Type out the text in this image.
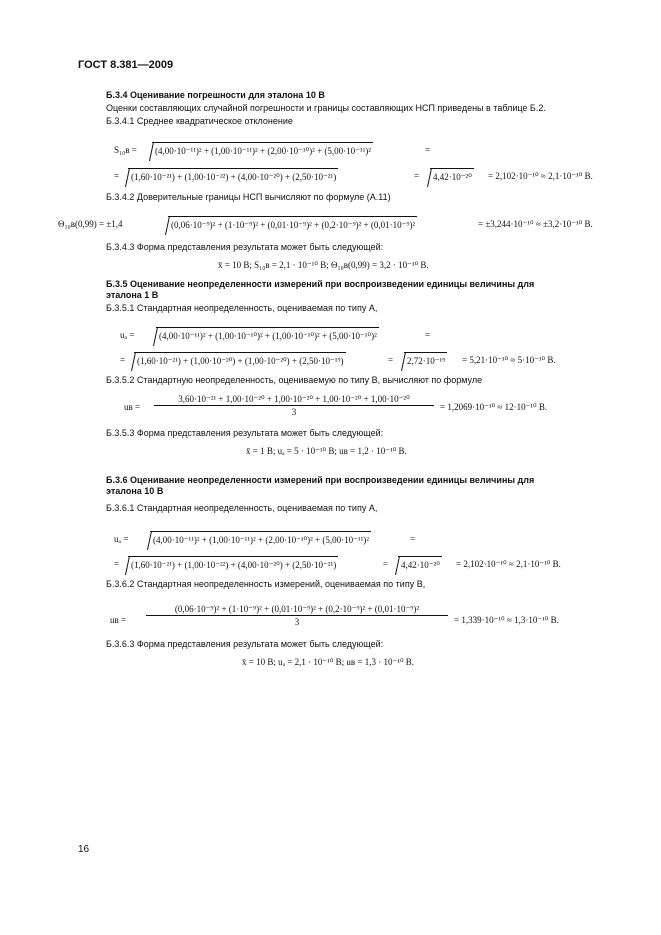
ГОСТ 8.381—2009
Б.3.4 Оценивание погрешности для эталона 10 В
Оценки составляющих случайной погрешности и границы составляющих НСП приведены в таблице Б.2.
Б.3.4.1 Среднее квадратическое отклонение
S₁₀в =	(4,00·10⁻¹¹)² + (1,00·10⁻¹¹)² + (2,00·10⁻¹⁰)² + (5,00·10⁻¹¹)²	=
=	(1,60·10⁻²¹) + (1,00·10⁻²²) + (4,00·10⁻²⁰) + (2,50·10⁻²¹)	=	4,42·10⁻²⁰ = 2,102·10⁻¹⁰ ≈ 2,1·10⁻¹⁰ В.
Б.3.4.2 Доверительные границы НСП вычисляют по формуле (А.11)
Θ₁₀в(0,99) = ±1,4	(0,06·10⁻⁹)² + (1·10⁻⁹)² + (0,01·10⁻⁹)² + (0,2·10⁻⁹)² + (0,01·10⁻⁹)²	= ±3,244·10⁻¹⁰ ≈ ±3,2·10⁻¹⁰ В.
Б.3.4.3 Форма представления результата может быть следующей:
x̄ = 10 В; S₁₀в = 2,1 · 10⁻¹⁰ В; Θ₁₀в(0,99) = 3,2 · 10⁻¹⁰ В.
Б.3.5 Оценивание неопределенности измерений при воспроизведении единицы величины для
эталона 1 В
Б.3.5.1 Стандартная неопределенность, оцениваемая по типу А,
uₐ =	(4,00·10⁻¹¹)² + (1,00·10⁻¹⁰)² + (1,00·10⁻¹⁰)² + (5,00·10⁻¹⁰)²	=
=	(1,60·10⁻²¹) + (1,00·10⁻²⁰) + (1,00·10⁻²⁰) + (2,50·10⁻¹⁹)	=	2,72·10⁻¹⁹ = 5,21·10⁻¹⁰ ≈ 5·10⁻¹⁰ В.
Б.3.5.2 Стандартную неопределенность, оцениваемую по типу В, вычисляют по формуле
uв =
3,60·10⁻²¹ + 1,00·10⁻²⁰ + 1,00·10⁻²⁰ + 1,00·10⁻²⁰ + 1,00·10⁻²⁰
3	= 1,2069·10⁻¹⁰ ≈ 12·10⁻¹⁰ В.
Б.3.5.3 Форма представления результата может быть следующей:
x̄ = 1 В; uₐ = 5 · 10⁻¹⁰ В; uв = 1,2 · 10⁻¹⁰ В.
Б.3.6 Оценивание неопределенности измерений при воспроизведении единицы величины для
эталона 10 В
Б.3.6.1 Стандартная неопределенность, оцениваемая по типу А,
uₐ =	(4,00·10⁻¹¹)² + (1,00·10⁻¹¹)² + (2,00·10⁻¹⁰)² + (5,00·10⁻¹¹)²	=
=	(1,60·10⁻²¹) + (1,00·10⁻²²) + (4,00·10⁻²⁰) + (2,50·10⁻²¹)	=	4,42·10⁻²⁰ = 2,102·10⁻¹⁰ ≈ 2,1·10⁻¹⁰ В.
Б.3.6.2 Стандартная неопределенность измерений, оцениваемая по типу В,
uв =
(0,06·10⁻⁹)² + (1·10⁻⁹)² + (0,01·10⁻⁹)² + (0,2·10⁻⁹)² + (0,01·10⁻⁹)²
3	= 1,339·10⁻¹⁰ ≈ 1,3·10⁻¹⁰ В.
Б.3.6.3 Форма представления результата может быть следующей:
x̄ = 10 В; uₐ = 2,1 · 10⁻¹⁰ В; uв = 1,3 · 10⁻¹⁰ В.
16
